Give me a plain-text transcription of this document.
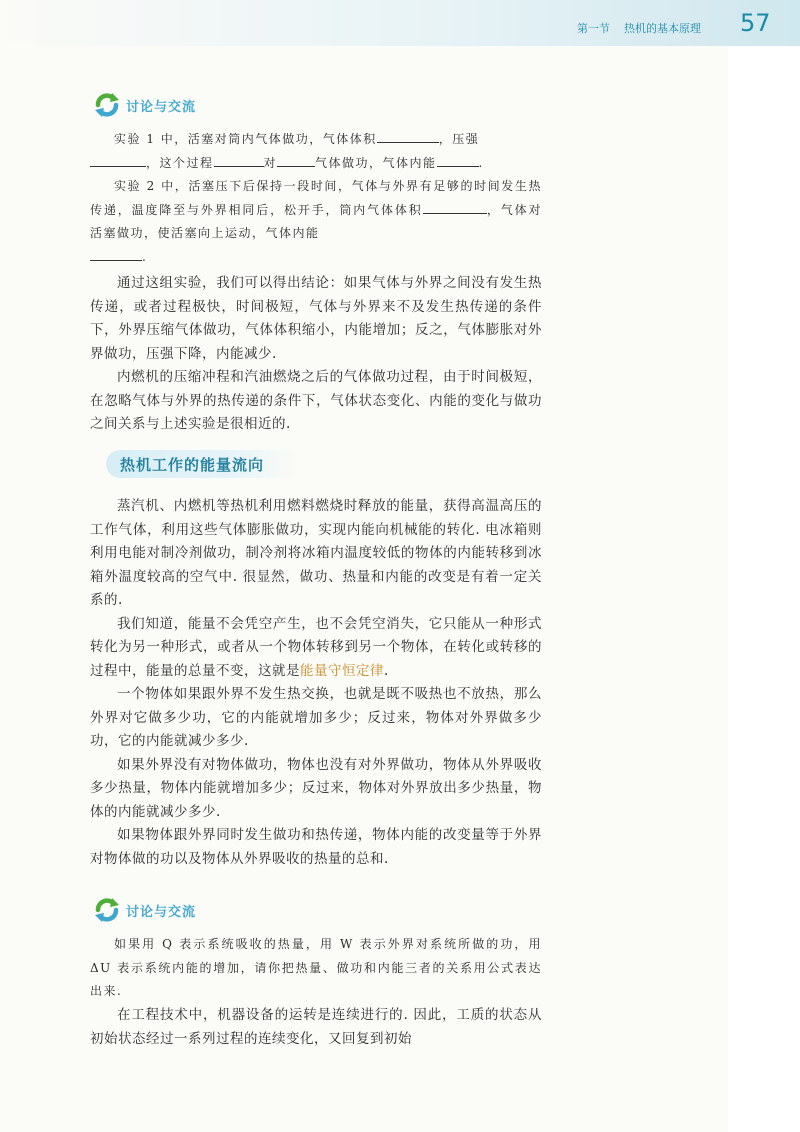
第一节 热机的基本原理 57
讨论与交流

实验 1 中，活塞对筒内气体做功，气体体积	，压强

，这个过程	对	气体做功，气体内能	.

实验 2 中，活塞压下后保持一段时间，气体与外界有足够的时间发生热传递，温度降至与外界相同后，松开手，筒内气体体积	，气体对活塞做功，使活塞向上运动，气体内能

.

通过这组实验，我们可以得出结论：如果气体与外界之间没有发生热传递，或者过程极快，时间极短，气体与外界来不及发生热传递的条件下，外界压缩气体做功，气体体积缩小，内能增加；反之，气体膨胀对外界做功，压强下降，内能减少.

内燃机的压缩冲程和汽油燃烧之后的气体做功过程，由于时间极短，在忽略气体与外界的热传递的条件下，气体状态变化、内能的变化与做功之间关系与上述实验是很相近的.

热机工作的能量流向

蒸汽机、内燃机等热机利用燃料燃烧时释放的能量，获得高温高压的工作气体，利用这些气体膨胀做功，实现内能向机械能的转化. 电冰箱则利用电能对制冷剂做功，制冷剂将冰箱内温度较低的物体的内能转移到冰箱外温度较高的空气中. 很显然，做功、热量和内能的改变是有着一定关系的.

我们知道，能量不会凭空产生，也不会凭空消失，它只能从一种形式转化为另一种形式，或者从一个物体转移到另一个物体，在转化或转移的过程中，能量的总量不变，这就是能量守恒定律.

一个物体如果跟外界不发生热交换，也就是既不吸热也不放热，那么外界对它做多少功，它的内能就增加多少；反过来，物体对外界做多少功，它的内能就减少多少.

如果外界没有对物体做功，物体也没有对外界做功，物体从外界吸收多少热量，物体内能就增加多少；反过来，物体对外界放出多少热量，物体的内能就减少多少.

如果物体跟外界同时发生做功和热传递，物体内能的改变量等于外界对物体做的功以及物体从外界吸收的热量的总和.

讨论与交流

如果用 Q 表示系统吸收的热量，用 W 表示外界对系统所做的功，用 ΔU 表示系统内能的增加，请你把热量、做功和内能三者的关系用公式表达出来.

在工程技术中，机器设备的运转是连续进行的. 因此，工质的状态从初始状态经过一系列过程的连续变化，又回复到初始
